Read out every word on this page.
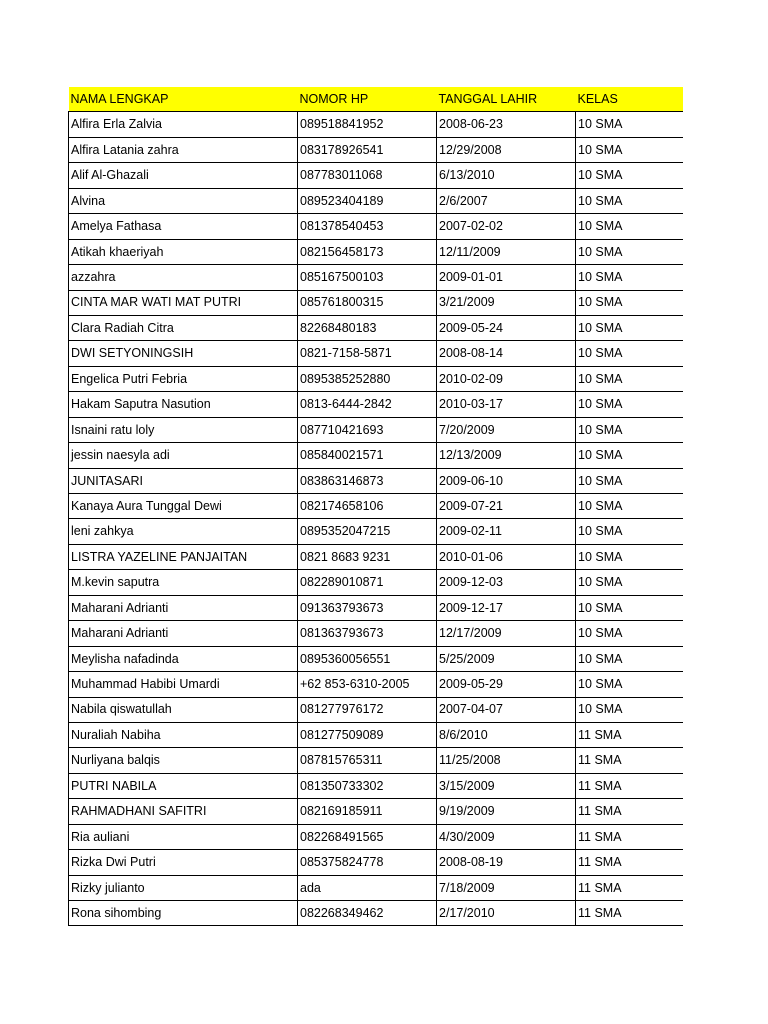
NAMA LENGKAP	NOMOR HP	TANGGAL LAHIR	KELAS
Alfira Erla Zalvia	089518841952	2008-06-23	10 SMA
Alfira Latania zahra	083178926541	12/29/2008	10 SMA
Alif Al-Ghazali	087783011068	6/13/2010	10 SMA
Alvina	089523404189	2/6/2007	10 SMA
Amelya Fathasa	081378540453	2007-02-02	10 SMA
Atikah khaeriyah	082156458173	12/11/2009	10 SMA
azzahra	085167500103	2009-01-01	10 SMA
CINTA MAR WATI MAT PUTRI	085761800315	3/21/2009	10 SMA
Clara Radiah Citra	82268480183	2009-05-24	10 SMA
DWI SETYONINGSIH	0821-7158-5871	2008-08-14	10 SMA
Engelica Putri Febria	0895385252880	2010-02-09	10 SMA
Hakam Saputra Nasution	0813-6444-2842	2010-03-17	10 SMA
Isnaini ratu loly	087710421693	7/20/2009	10 SMA
jessin naesyla adi	085840021571	12/13/2009	10 SMA
JUNITASARI	083863146873	2009-06-10	10 SMA
Kanaya Aura Tunggal Dewi	082174658106	2009-07-21	10 SMA
leni zahkya	0895352047215	2009-02-11	10 SMA
LISTRA YAZELINE PANJAITAN	0821 8683 9231	2010-01-06	10 SMA
M.kevin saputra	082289010871	2009-12-03	10 SMA
Maharani Adrianti	091363793673	2009-12-17	10 SMA
Maharani Adrianti	081363793673	12/17/2009	10 SMA
Meylisha nafadinda	0895360056551	5/25/2009	10 SMA
Muhammad Habibi Umardi	+62 853-6310-2005	2009-05-29	10 SMA
Nabila qiswatullah	081277976172	2007-04-07	10 SMA
Nuraliah Nabiha	081277509089	8/6/2010	11 SMA
Nurliyana balqis	087815765311	11/25/2008	11 SMA
PUTRI NABILA	081350733302	3/15/2009	11 SMA
RAHMADHANI SAFITRI	082169185911	9/19/2009	11 SMA
Ria auliani	082268491565	4/30/2009	11 SMA
Rizka Dwi Putri	085375824778	2008-08-19	11 SMA
Rizky julianto	ada	7/18/2009	11 SMA
Rona sihombing	082268349462	2/17/2010	11 SMA
